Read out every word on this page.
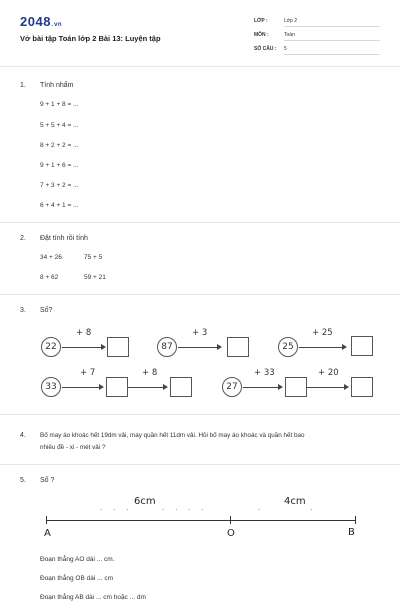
2048.vn
Vở bài tập Toán lớp 2 Bài 13: Luyện tập
LỚP :	Lớp 2
MÔN :	Toán
SỐ CÂU :	5
1. Tính nhẩm
9 + 1 + 8 = ...
5 + 5 + 4 = ...
8 + 2 + 2 = ...
9 + 1 + 6 = ...
7 + 3 + 2 = ...
6 + 4 + 1 = ...
2. Đặt tính rồi tính
34 + 26	75 + 5
8 + 62	59 + 21
3. Số?
22
+ 8
87
+ 3
25
+ 25
33
+ 7	+ 8
27
+ 33	+ 20
4. Bố may áo khoác hết 19dm vải, may quần hết 11dm vải. Hỏi bố may áo khoác và quần hết bao
nhiêu đề - xi - mét vải ?
5. Số ?
. . . 6cm . . . .	. 4cm .
A	O	B
Đoạn thẳng AO dài ... cm.
Đoạn thẳng OB dài ... cm
Đoạn thẳng AB dài ... cm hoặc ... dm
